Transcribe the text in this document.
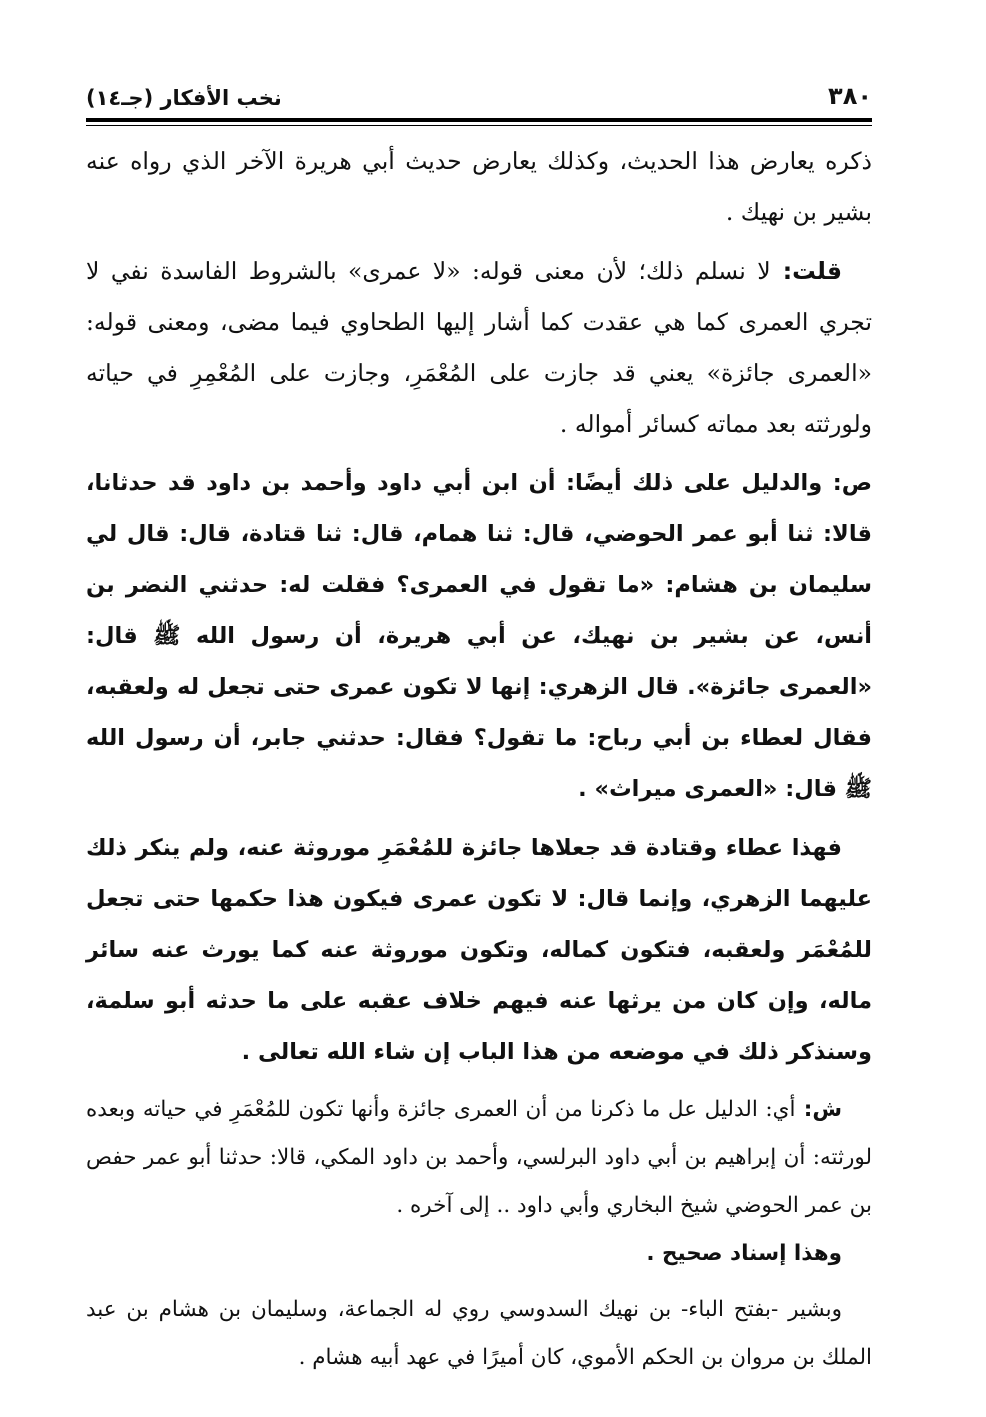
٣٨٠
نخب الأفكار (جـ١٤)

ذكره يعارض هذا الحديث، وكذلك يعارض حديث أبي هريرة الآخر الذي رواه عنه بشير بن نهيك .

قلت: لا نسلم ذلك؛ لأن معنى قوله: «لا عمرى» بالشروط الفاسدة نفي لا تجري العمرى كما هي عقدت كما أشار إليها الطحاوي فيما مضى، ومعنى قوله: «العمرى جائزة» يعني قد جازت على المُعْمَرِ، وجازت على المُعْمِرِ في حياته ولورثته بعد مماته كسائر أمواله .

ص: والدليل على ذلك أيضًا: أن ابن أبي داود وأحمد بن داود قد حدثانا، قالا: ثنا أبو عمر الحوضي، قال: ثنا همام، قال: ثنا قتادة، قال: قال لي سليمان بن هشام: «ما تقول في العمرى؟ فقلت له: حدثني النضر بن أنس، عن بشير بن نهيك، عن أبي هريرة، أن رسول الله ﷺ قال: «العمرى جائزة». قال الزهري: إنها لا تكون عمرى حتى تجعل له ولعقبه، فقال لعطاء بن أبي رباح: ما تقول؟ فقال: حدثني جابر، أن رسول الله ﷺ قال: «العمرى ميراث» .

فهذا عطاء وقتادة قد جعلاها جائزة للمُعْمَرِ موروثة عنه، ولم ينكر ذلك عليهما الزهري، وإنما قال: لا تكون عمرى فيكون هذا حكمها حتى تجعل للمُعْمَر ولعقبه، فتكون كماله، وتكون موروثة عنه كما يورث عنه سائر ماله، وإن كان من يرثها عنه فيهم خلاف عقبه على ما حدثه أبو سلمة، وسنذكر ذلك في موضعه من هذا الباب إن شاء الله تعالى .

ش: أي: الدليل عل ما ذكرنا من أن العمرى جائزة وأنها تكون للمُعْمَرِ في حياته وبعده لورثته: أن إبراهيم بن أبي داود البرلسي، وأحمد بن داود المكي، قالا: حدثنا أبو عمر حفص بن عمر الحوضي شيخ البخاري وأبي داود .. إلى آخره .

وهذا إسناد صحيح .

وبشير -بفتح الباء- بن نهيك السدوسي روي له الجماعة، وسليمان بن هشام بن عبد الملك بن مروان بن الحكم الأموي، كان أميرًا في عهد أبيه هشام .
